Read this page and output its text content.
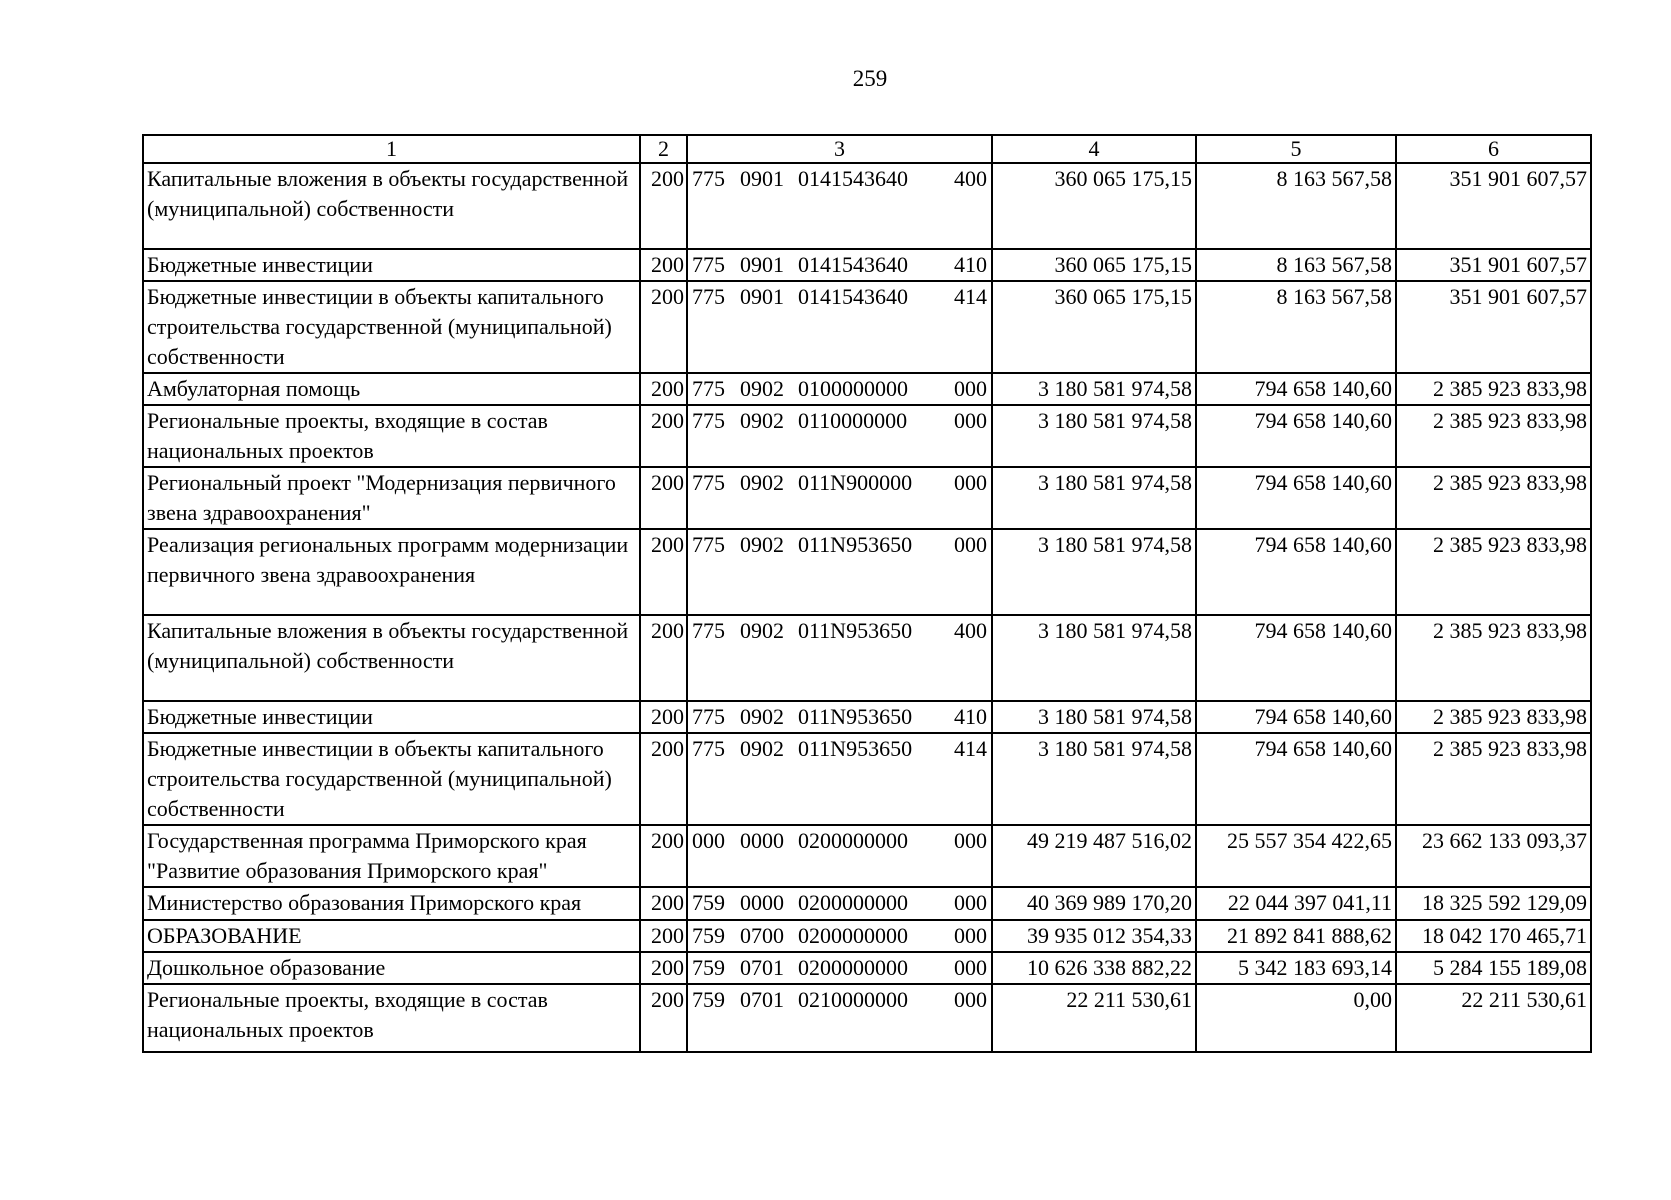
259
1	2	3	4	5	6
Капитальные вложения в объекты государственной (муниципальной) собственности	200	775 0901 0141543640 400	360 065 175,15	8 163 567,58	351 901 607,57
Бюджетные инвестиции	200	775 0901 0141543640 410	360 065 175,15	8 163 567,58	351 901 607,57
Бюджетные инвестиции в объекты капитального строительства государственной (муниципальной) собственности	200	775 0901 0141543640 414	360 065 175,15	8 163 567,58	351 901 607,57
Амбулаторная помощь	200	775 0902 0100000000 000	3 180 581 974,58	794 658 140,60	2 385 923 833,98
Региональные проекты, входящие в состав национальных проектов	200	775 0902 0110000000 000	3 180 581 974,58	794 658 140,60	2 385 923 833,98
Региональный проект "Модернизация первичного звена здравоохранения"	200	775 0902 011N900000 000	3 180 581 974,58	794 658 140,60	2 385 923 833,98
Реализация региональных программ модернизации первичного звена здравоохранения	200	775 0902 011N953650 000	3 180 581 974,58	794 658 140,60	2 385 923 833,98
Капитальные вложения в объекты государственной (муниципальной) собственности	200	775 0902 011N953650 400	3 180 581 974,58	794 658 140,60	2 385 923 833,98
Бюджетные инвестиции	200	775 0902 011N953650 410	3 180 581 974,58	794 658 140,60	2 385 923 833,98
Бюджетные инвестиции в объекты капитального строительства государственной (муниципальной) собственности	200	775 0902 011N953650 414	3 180 581 974,58	794 658 140,60	2 385 923 833,98
Государственная программа Приморского края "Развитие образования Приморского края"	200	000 0000 0200000000 000	49 219 487 516,02	25 557 354 422,65	23 662 133 093,37
Министерство образования Приморского края	200	759 0000 0200000000 000	40 369 989 170,20	22 044 397 041,11	18 325 592 129,09
ОБРАЗОВАНИЕ	200	759 0700 0200000000 000	39 935 012 354,33	21 892 841 888,62	18 042 170 465,71
Дошкольное образование	200	759 0701 0200000000 000	10 626 338 882,22	5 342 183 693,14	5 284 155 189,08
Региональные проекты, входящие в состав национальных проектов	200	759 0701 0210000000 000	22 211 530,61	0,00	22 211 530,61
